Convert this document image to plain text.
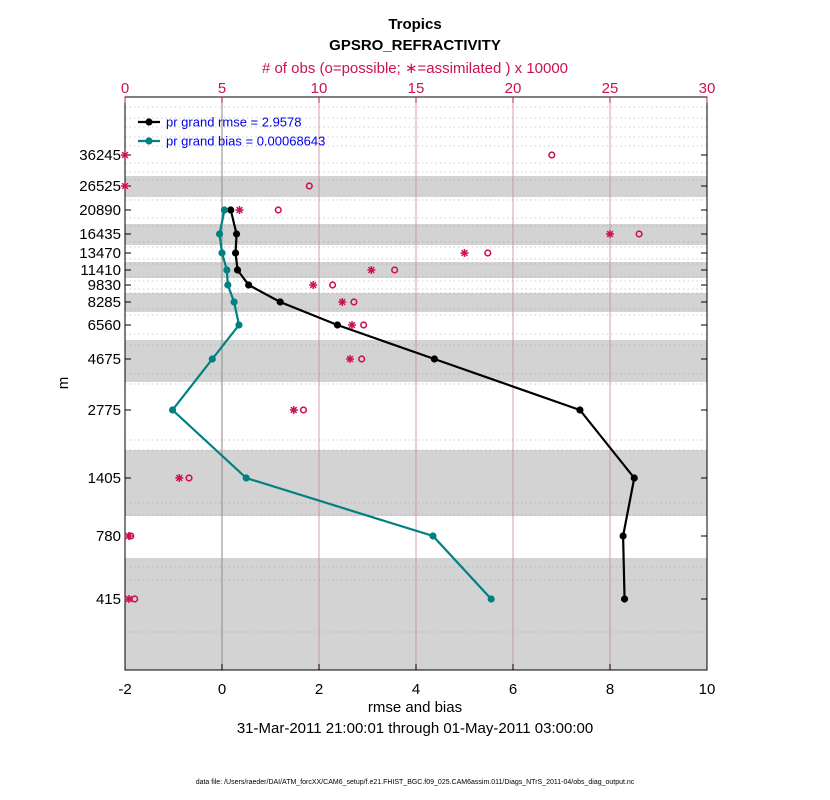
-2	0	2	4	6	8	10
0	5	10	15	20	25	30
36245
26525
20890
16435
13470
11410
9830
8285
6560
4675
2775
1405
780
415
pr grand rmse = 2.9578
pr grand bias = 0.00068643
Tropics
GPSRO_REFRACTIVITY
# of obs (o=possible; ∗=assimilated ) x 10000
rmse and bias
31-Mar-2011 21:00:01 through 01-May-2011 03:00:00
m
data file: /Users/raeder/DAI/ATM_forcXX/CAM6_setup/f.e21.FHIST_BGC.f09_025.CAM6assim.011/Diags_NTrS_2011-04/obs_diag_output.nc
